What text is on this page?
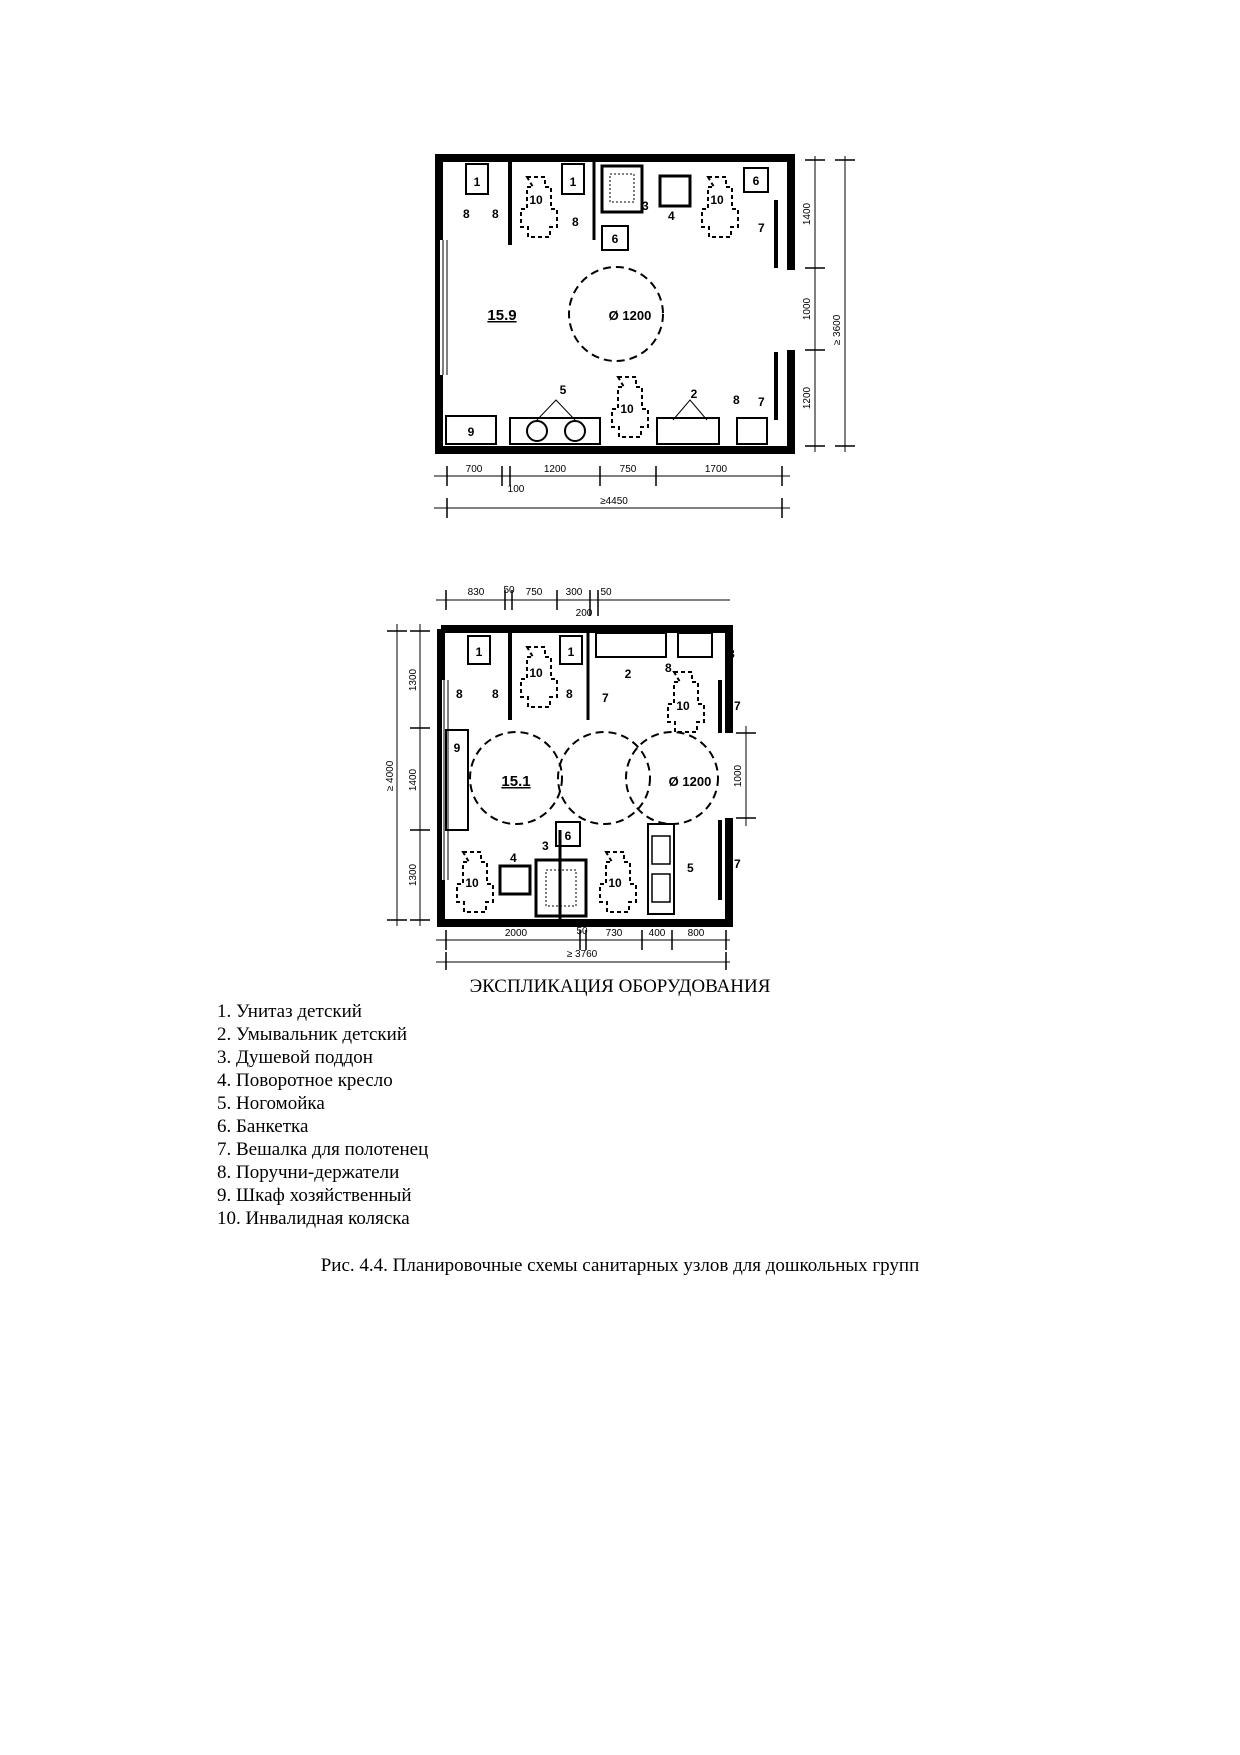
1	1
8 8
8
10	10
10
3
4
6
6
7
7
8
9
5	2
15.9	Ø 1200
700
100
1200	750	1700
≥4450
1400
1000
1200
≥ 3600
1	1
8 8	8
8
8
10
10
10	10
2
7
7
7
9
6
3
4
5
15.1	Ø 1200
830 50 750 300 50
200
2000	50 730	400 800
≥ 3760
1300
1400
1300
≥ 4000	1000
ЭКСПЛИКАЦИЯ ОБОРУДОВАНИЯ
1. Унитаз детский
2. Умывальник детский
3. Душевой поддон
4. Поворотное кресло
5. Ногомойка
6. Банкетка
7. Вешалка для полотенец
8. Поручни-держатели
9. Шкаф хозяйственный
10. Инвалидная коляска
Рис. 4.4. Планировочные схемы санитарных узлов для дошкольных групп
